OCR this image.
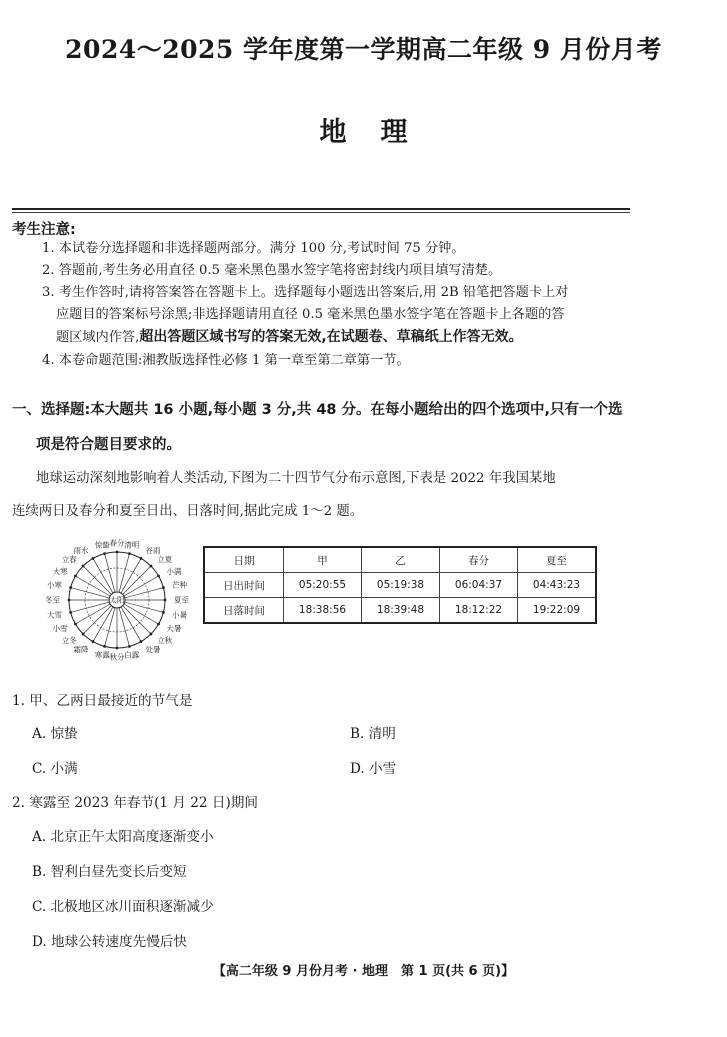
2024～2025 学年度第一学期高二年级 9 月份月考
地理
考生注意:
1. 本试卷分选择题和非选择题两部分。满分 100 分,考试时间 75 分钟。
2. 答题前,考生务必用直径 0.5 毫米黑色墨水签字笔将密封线内项目填写清楚。
3. 考生作答时,请将答案答在答题卡上。选择题每小题选出答案后,用 2B 铅笔把答题卡上对
应题目的答案标号涂黑;非选择题请用直径 0.5 毫米黑色墨水签字笔在答题卡上各题的答
题区域内作答,超出答题区域书写的答案无效,在试题卷、草稿纸上作答无效。
4. 本卷命题范围:湘教版选择性必修 1 第一章至第二章第一节。
一、选择题:本大题共 16 小题,每小题 3 分,共 48 分。在每小题给出的四个选项中,只有一个选
项是符合题目要求的。
地球运动深刻地影响着人类活动,下图为二十四节气分布示意图,下表是 2022 年我国某地
连续两日及春分和夏至日出、日落时间,据此完成 1～2 题。
太阳
春分 清明
谷雨
立夏
小满
芒种
夏至
小暑
大暑
立秋
处暑
白露
秋分
寒露
霜降
立冬
小雪
大雪
冬至
小寒
大寒
立春
雨水
惊蛰
日期	甲	乙	春分	夏至
日出时间	05:20:55	05:19:38	06:04:37	04:43:23
日落时间	18:38:56	18:39:48	18:12:22	19:22:09
1. 甲、乙两日最接近的节气是
A. 惊蛰	B. 清明
C. 小满	D. 小雪
2. 寒露至 2023 年春节(1 月 22 日)期间
A. 北京正午太阳高度逐渐变小
B. 智利白昼先变长后变短
C. 北极地区冰川面积逐渐减少
D. 地球公转速度先慢后快
【高二年级 9 月份月考 · 地理　第 1 页(共 6 页)】
